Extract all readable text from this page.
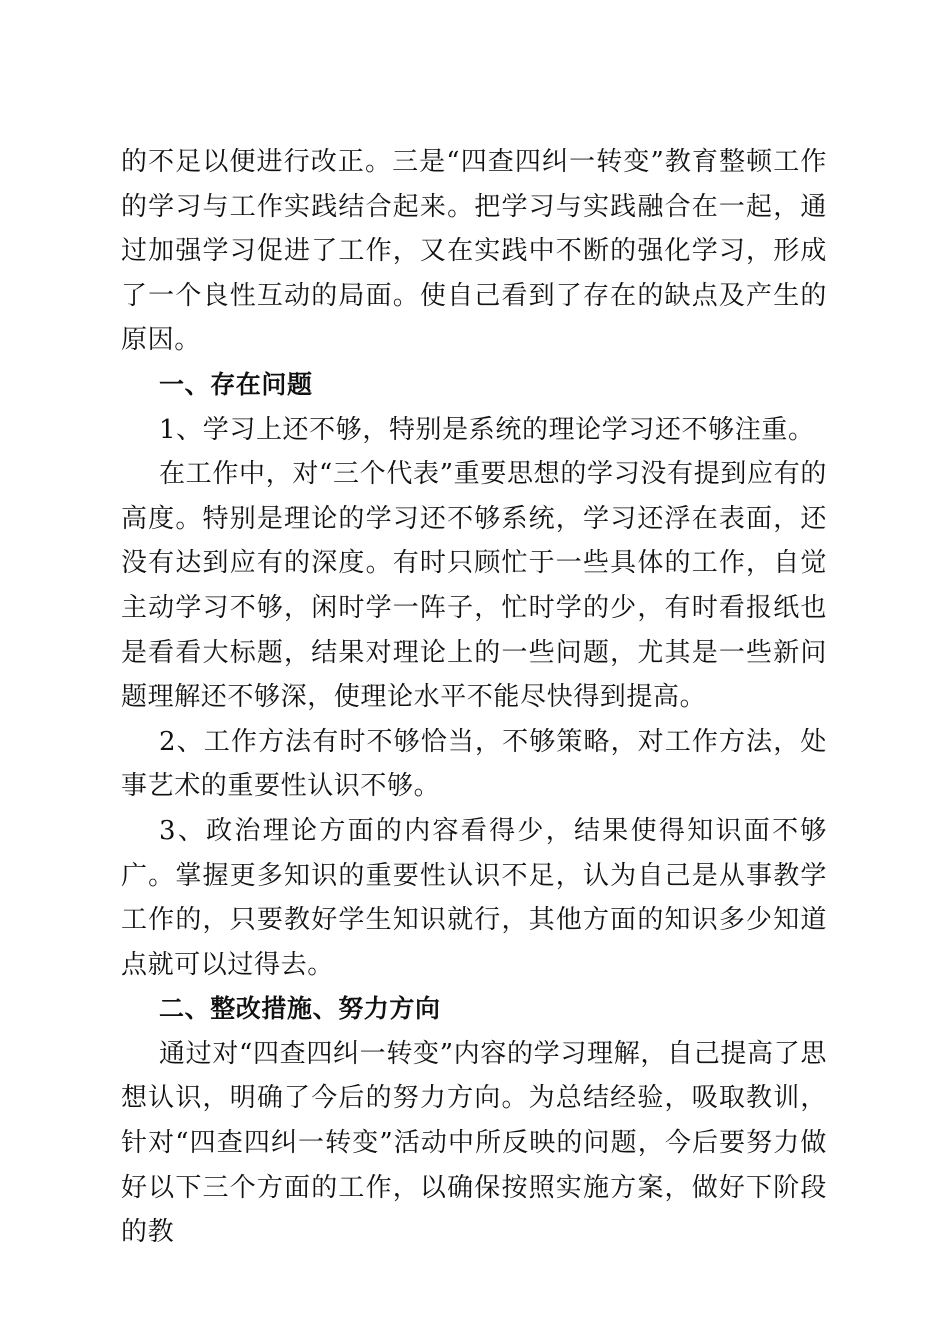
的不足以便进行改正。三是“四查四纠一转变”教育整顿工作的学习与工作实践结合起来。把学习与实践融合在一起，通过加强学习促进了工作，又在实践中不断的强化学习，形成了一个良性互动的局面。使自己看到了存在的缺点及产生的原因。

一、存在问题

1、学习上还不够，特别是系统的理论学习还不够注重。

在工作中，对“三个代表”重要思想的学习没有提到应有的高度。特别是理论的学习还不够系统，学习还浮在表面，还没有达到应有的深度。有时只顾忙于一些具体的工作，自觉主动学习不够，闲时学一阵子，忙时学的少，有时看报纸也是看看大标题，结果对理论上的一些问题，尤其是一些新问题理解还不够深，使理论水平不能尽快得到提高。

2、工作方法有时不够恰当，不够策略，对工作方法，处事艺术的重要性认识不够。

3、政治理论方面的内容看得少，结果使得知识面不够广。掌握更多知识的重要性认识不足，认为自己是从事教学工作的，只要教好学生知识就行，其他方面的知识多少知道点就可以过得去。

二、整改措施、努力方向

通过对“四查四纠一转变”内容的学习理解，自己提高了思想认识，明确了今后的努力方向。为总结经验，吸取教训，针对“四查四纠一转变”活动中所反映的问题，今后要努力做好以下三个方面的工作，以确保按照实施方案，做好下阶段的教
